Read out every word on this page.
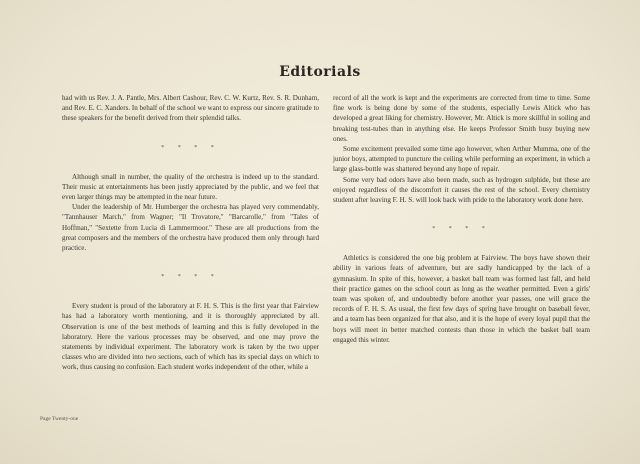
Editorials

had with us Rev. J. A. Pantle, Mrs. Albert Cashour, Rev. C. W. Kurtz, Rev. S. R. Dunham, and Rev. E. C. Xanders. In behalf of the school we want to express our sincere gratitude to these speakers for the benefit derived from their splendid talks.

* * * *

Although small in number, the quality of the orchestra is indeed up to the standard. Their music at entertainments has been justly appreciated by the public, and we feel that even larger things may be attempted in the near future.

Under the leadership of Mr. Humberger the orchestra has played very commendably, "Tannhauser March," from Wagner; "Il Trovatore," "Barcarolle," from "Tales of Hoffman," "Sextette from Lucia di Lammermoor." These are all productions from the great composers and the members of the orchestra have produced them only through hard practice.

* * * *

Every student is proud of the laboratory at F. H. S. This is the first year that Fairview has had a laboratory worth mentioning, and it is thoroughly appreciated by all. Observation is one of the best methods of learning and this is fully developed in the laboratory. Here the various processes may be observed, and one may prove the statements by individual experiment. The laboratory work is taken by the two upper classes who are divided into two sections, each of which has its special days on which to work, thus causing no confusion. Each student works independent of the other, while a

record of all the work is kept and the experiments are corrected from time to time. Some fine work is being done by some of the students, especially Lewis Altick who has developed a great liking for chemistry. However, Mr. Altick is more skillful in soiling and breaking test-tubes than in anything else. He keeps Professor Smith busy buying new ones.

Some excitement prevailed some time ago however, when Arthur Mumma, one of the junior boys, attempted to puncture the ceiling while performing an experiment, in which a large glass-bottle was shattered beyond any hope of repair.

Some very bad odors have also been made, such as hydrogen sulphide, but these are enjoyed regardless of the discomfort it causes the rest of the school. Every chemistry student after leaving F. H. S. will look back with pride to the laboratory work done here.

* * * *

Athletics is considered the one big problem at Fairview. The boys have shown their ability in various feats of adventure, but are sadly handicapped by the lack of a gymnasium. In spite of this, however, a basket ball team was formed last fall, and held their practice games on the school court as long as the weather permitted. Even a girls' team was spoken of, and undoubtedly before another year passes, one will grace the records of F. H. S. As usual, the first few days of spring have brought on baseball fever, and a team has been organized for that also, and it is the hope of every loyal pupil that the boys will meet in better matched contests than those in which the basket ball team engaged this winter.

Page Twenty-one
